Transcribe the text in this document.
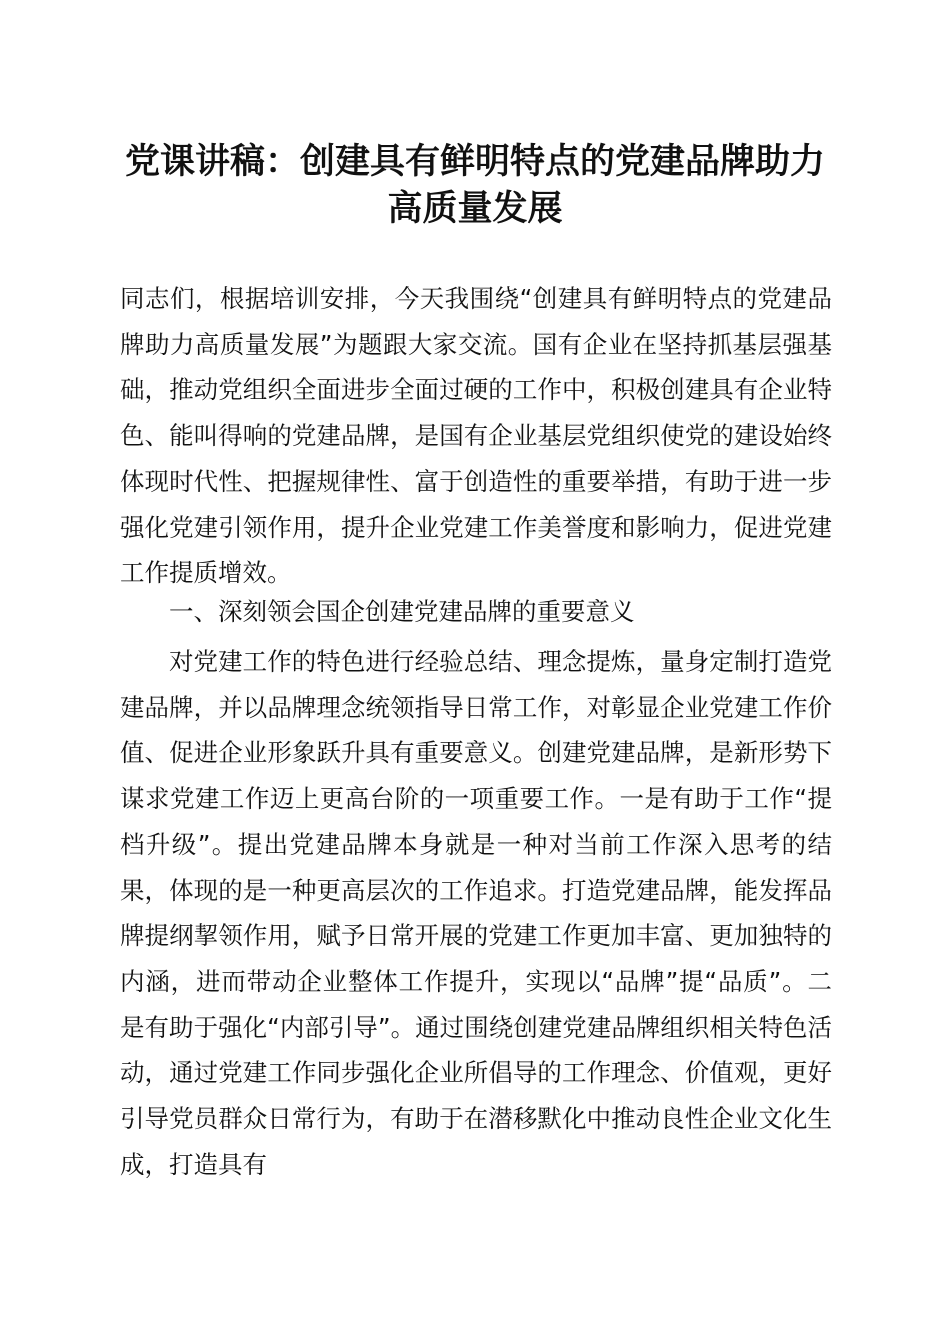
党课讲稿：创建具有鲜明特点的党建品牌助力
高质量发展

同志们，根据培训安排，今天我围绕“创建具有鲜明特点的党建品牌助力高质量发展”为题跟大家交流。国有企业在坚持抓基层强基础，推动党组织全面进步全面过硬的工作中，积极创建具有企业特色、能叫得响的党建品牌，是国有企业基层党组织使党的建设始终体现时代性、把握规律性、富于创造性的重要举措，有助于进一步强化党建引领作用，提升企业党建工作美誉度和影响力，促进党建工作提质增效。

一、深刻领会国企创建党建品牌的重要意义

对党建工作的特色进行经验总结、理念提炼，量身定制打造党建品牌，并以品牌理念统领指导日常工作，对彰显企业党建工作价值、促进企业形象跃升具有重要意义。创建党建品牌，是新形势下谋求党建工作迈上更高台阶的一项重要工作。一是有助于工作“提档升级”。提出党建品牌本身就是一种对当前工作深入思考的结果，体现的是一种更高层次的工作追求。打造党建品牌，能发挥品牌提纲挈领作用，赋予日常开展的党建工作更加丰富、更加独特的内涵，进而带动企业整体工作提升，实现以“品牌”提“品质”。二是有助于强化“内部引导”。通过围绕创建党建品牌组织相关特色活动，通过党建工作同步强化企业所倡导的工作理念、价值观，更好引导党员群众日常行为，有助于在潜移默化中推动良性企业文化生成，打造具有
